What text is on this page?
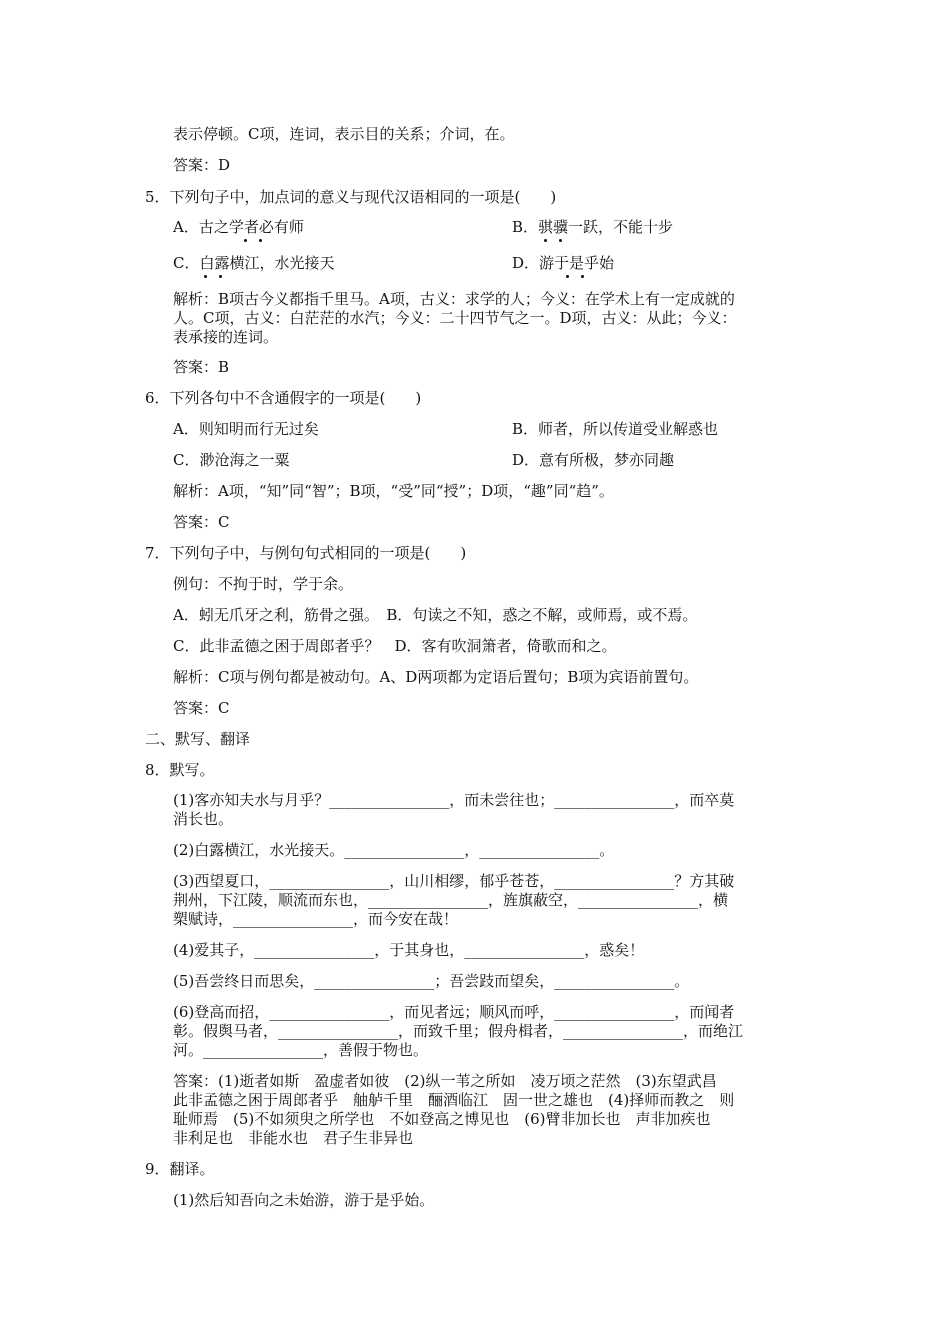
表示停顿。C项，连词，表示目的关系；介词，在。
答案：D
5．下列句子中，加点词的意义与现代汉语相同的一项是(　　)
A．古之学者必有师	B．骐骥一跃，不能十步
C．白露横江，水光接天	D．游于是乎始
解析：B项古今义都指千里马。A项，古义：求学的人；今义：在学术上有一定成就的
人。C项，古义：白茫茫的水汽；今义：二十四节气之一。D项，古义：从此；今义：
表承接的连词。
答案：B
6．下列各句中不含通假字的一项是(　　)
A．则知明而行无过矣	B．师者，所以传道受业解惑也
C．渺沧海之一粟	D．意有所极，梦亦同趣
解析：A项，“知”同“智”；B项，“受”同“授”；D项，“趣”同“趋”。
答案：C
7．下列句子中，与例句句式相同的一项是(　　)
例句：不拘于时，学于余。
A．蚓无爪牙之利，筋骨之强。　B．句读之不知，惑之不解，或师焉，或不焉。
C．此非孟德之困于周郎者乎？　D．客有吹洞箫者，倚歌而和之。
解析：C项与例句都是被动句。A、D两项都为定语后置句；B项为宾语前置句。
答案：C
二、默写、翻译
8．默写。
(1)客亦知夫水与月乎？________________，而未尝往也；________________，而卒莫
消长也。
(2)白露横江，水光接天。________________，________________。
(3)西望夏口，________________，山川相缪，郁乎苍苍，________________？方其破
荆州，下江陵，顺流而东也，________________，旌旗蔽空，________________，横
槊赋诗，________________，而今安在哉！
(4)爱其子，________________，于其身也，________________，惑矣！
(5)吾尝终日而思矣，________________；吾尝跂而望矣，________________。
(6)登高而招，________________，而见者远；顺风而呼，________________，而闻者
彰。假舆马者，________________，而致千里；假舟楫者，________________，而绝江
河。________________，善假于物也。
答案：(1)逝者如斯　盈虚者如彼　(2)纵一苇之所如　凌万顷之茫然　(3)东望武昌
此非孟德之困于周郎者乎　舳舻千里　酾酒临江　固一世之雄也　(4)择师而教之　则
耻师焉　(5)不如须臾之所学也　不如登高之博见也　(6)臂非加长也　声非加疾也
非利足也　非能水也　君子生非异也
9．翻译。
(1)然后知吾向之未始游，游于是乎始。
